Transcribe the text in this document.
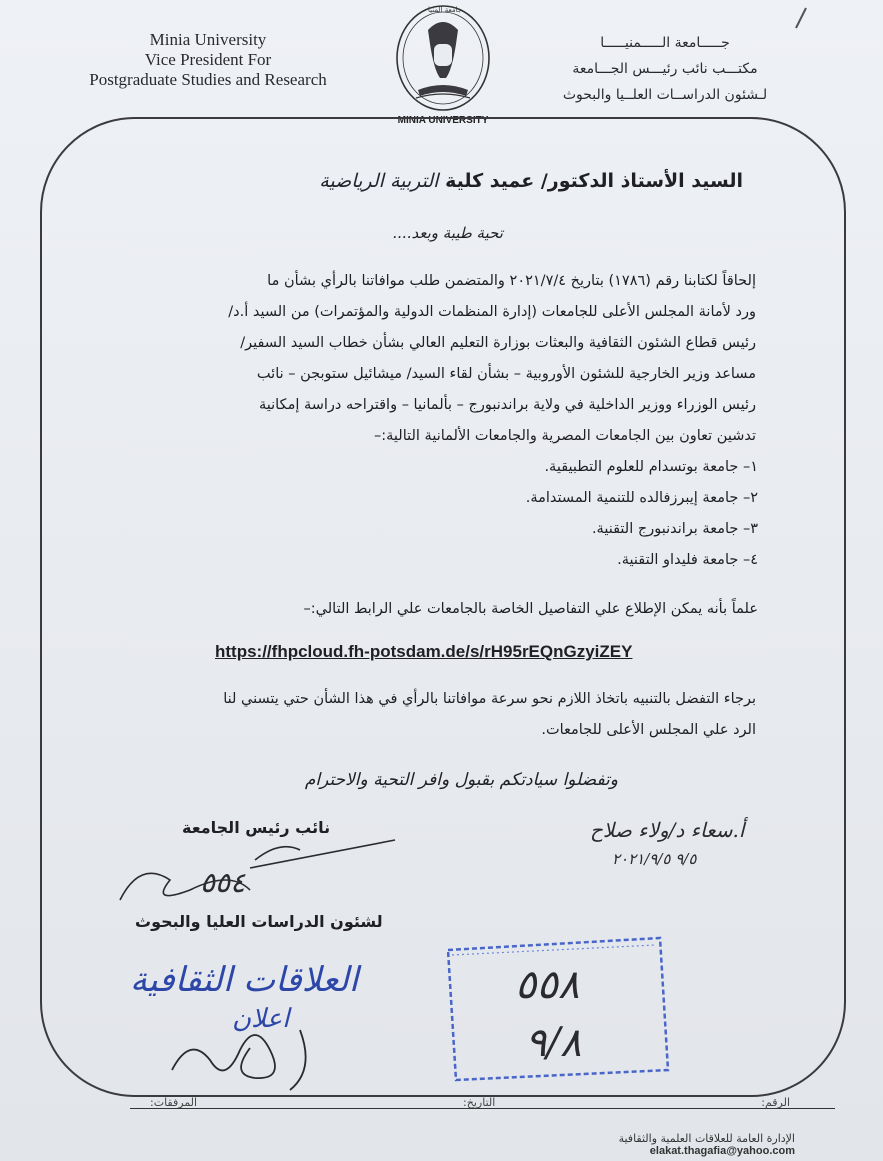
Minia University
Vice President For
Postgraduate Studies and Research
جـــــامعة الـــــمنيـــــا
مكتـــب نائب رئيـــس الجـــامعة
لـشئون الدراســات العلــيا والبحوث
جامعة المنيا
MINIA UNIVERSITY
السيد الأستاذ الدكتور/ عميد كلية التربية الرياضية
تحية طيبة وبعد....
إلحاقاً لكتابنا رقم (١٧٨٦) بتاريخ ٢٠٢١/٧/٤ والمتضمن طلب موافاتنا بالرأي بشأن ما
ورد لأمانة المجلس الأعلى للجامعات (إدارة المنظمات الدولية والمؤتمرات) من السيد أ.د/
رئيس قطاع الشئون الثقافية والبعثات بوزارة التعليم العالي بشأن خطاب السيد السفير/
مساعد وزير الخارجية للشئون الأوروبية – بشأن لقاء السيد/ ميشائيل ستوبجن – نائب
رئيس الوزراء ووزير الداخلية في ولاية براندنبورج – بألمانيا – واقتراحه دراسة إمكانية
تدشين تعاون بين الجامعات المصرية والجامعات الألمانية التالية:–
١– جامعة بوتسدام للعلوم التطبيقية.
٢– جامعة إيبرزفالده للتنمية المستدامة.
٣– جامعة براندنبورج التقنية.
٤– جامعة فليداو التقنية.
علماً بأنه يمكن الإطلاع علي التفاصيل الخاصة بالجامعات علي الرابط التالي:–
https://fhpcloud.fh-potsdam.de/s/rH95rEQnGzyiZEY
برجاء التفضل بالتنبيه باتخاذ اللازم نحو سرعة موافاتنا بالرأي في هذا الشأن حتي يتسني لنا
الرد علي المجلس الأعلى للجامعات.
وتفضلوا سيادتكم بقبول وافر التحية والاحترام
نائب رئيس الجامعة
لشئون الدراسات العليا والبحوث
أ.سعاء د/ولاء صلاح
٩/٥ ٢٠٢١/٩/٥
٥٥٤
العلاقات الثقافية
اعلان
٥٥٨
٩/٨
الرقم:
التاريخ:
المرفقات:
الإدارة العامة للعلاقات العلمية والثقافية
elakat.thagafia@yahoo.com
